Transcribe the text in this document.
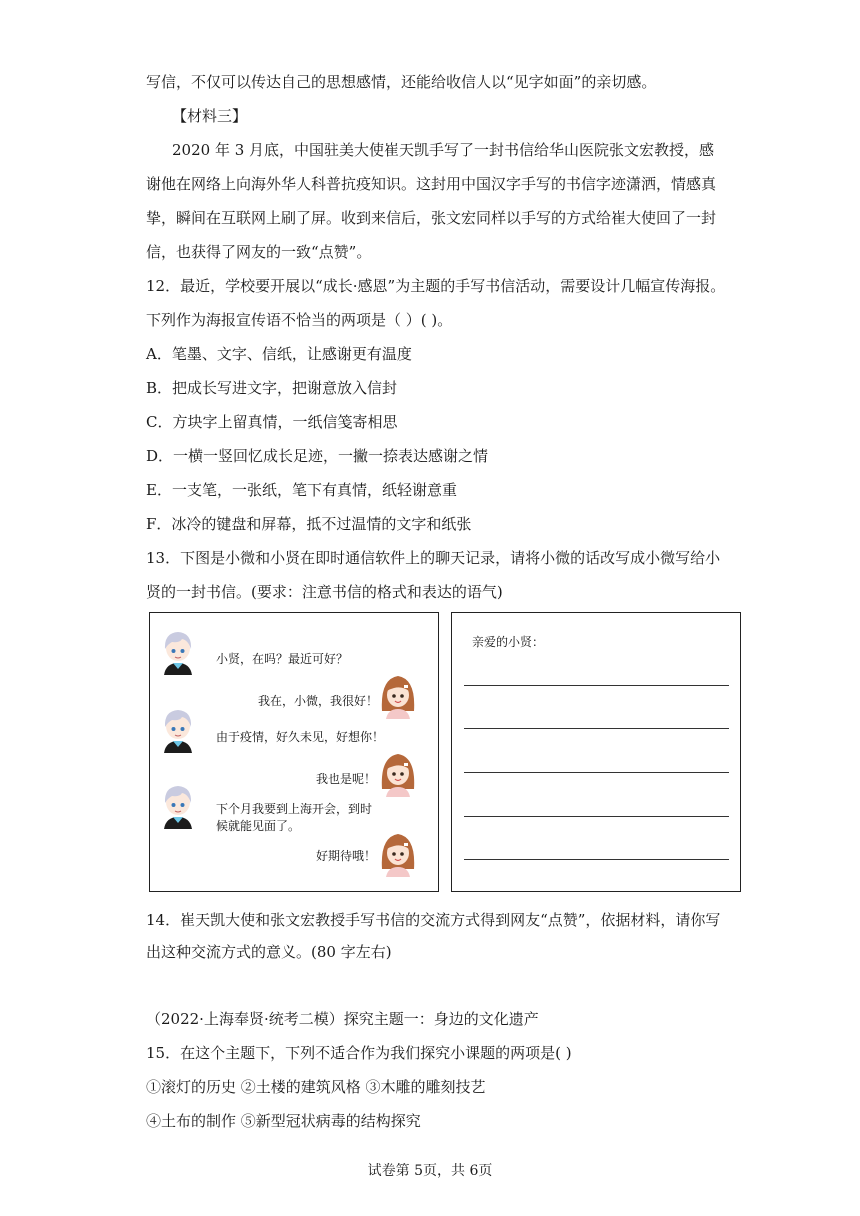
写信，不仅可以传达自己的思想感情，还能给收信人以“见字如面”的亲切感。
【材料三】
2020 年 3 月底，中国驻美大使崔天凯手写了一封书信给华山医院张文宏教授，感
谢他在网络上向海外华人科普抗疫知识。这封用中国汉字手写的书信字迹潇洒，情感真
挚，瞬间在互联网上刷了屏。收到来信后，张文宏同样以手写的方式给崔大使回了一封
信，也获得了网友的一致“点赞”。
12．最近，学校要开展以“成长·感恩”为主题的手写书信活动，需要设计几幅宣传海报。
下列作为海报宣传语不恰当的两项是（ ）( )。
A．笔墨、文字、信纸，让感谢更有温度
B．把成长写进文字，把谢意放入信封
C．方块字上留真情，一纸信笺寄相思
D．一横一竖回忆成长足迹，一撇一捺表达感谢之情
E．一支笔，一张纸，笔下有真情，纸轻谢意重
F．冰冷的键盘和屏幕，抵不过温情的文字和纸张
13．下图是小微和小贤在即时通信软件上的聊天记录，请将小微的话改写成小微写给小
贤的一封书信。(要求：注意书信的格式和表达的语气)
小贤，在吗？最近可好？
我在，小微，我很好！
由于疫情，好久未见，好想你！
我也是呢！
下个月我要到上海开会，到时
候就能见面了。
好期待哦！
亲爱的小贤：
14．崔天凯大使和张文宏教授手写书信的交流方式得到网友“点赞”，依据材料，请你写
出这种交流方式的意义。(80 字左右)
（2022·上海奉贤·统考二模）探究主题一：身边的文化遗产
15．在这个主题下，下列不适合作为我们探究小课题的两项是( )
①滚灯的历史 ②土楼的建筑风格 ③木雕的雕刻技艺
④土布的制作 ⑤新型冠状病毒的结构探究
试卷第 5页，共 6页
